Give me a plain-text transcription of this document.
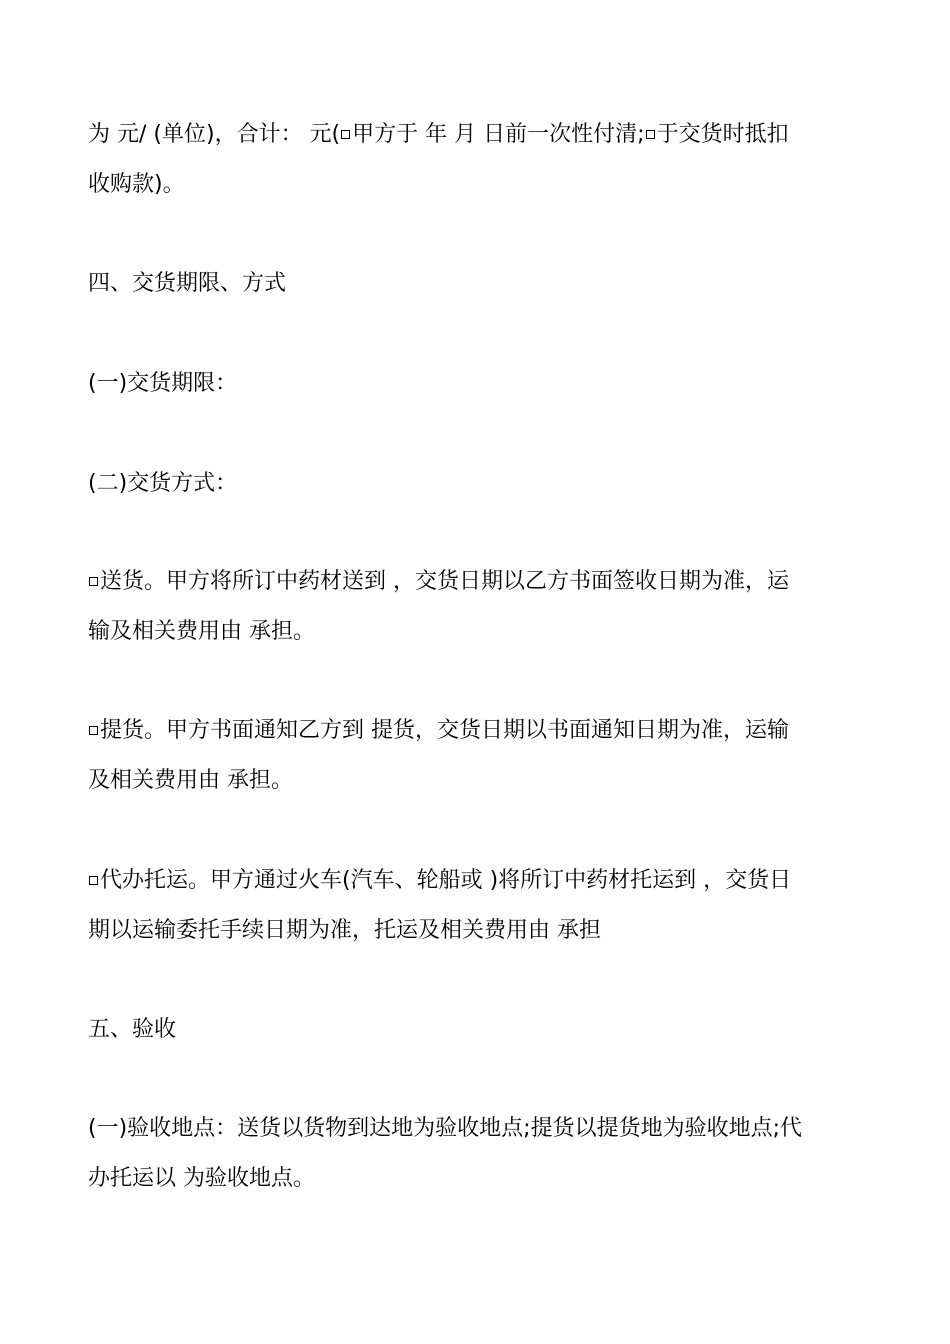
为 元/ (单位)，合计： 元( 甲方于 年 月 日前一次性付清; 于交货时抵扣
收购款)。

四、交货期限、方式

(一)交货期限：

(二)交货方式：

送货。甲方将所订中药材送到 ，交货日期以乙方书面签收日期为准，运
输及相关费用由 承担。

提货。甲方书面通知乙方到 提货，交货日期以书面通知日期为准，运输
及相关费用由 承担。

代办托运。甲方通过火车(汽车、轮船或 )将所订中药材托运到 ，交货日
期以运输委托手续日期为准，托运及相关费用由 承担

五、验收

(一)验收地点：送货以货物到达地为验收地点;提货以提货地为验收地点;代
办托运以 为验收地点。
